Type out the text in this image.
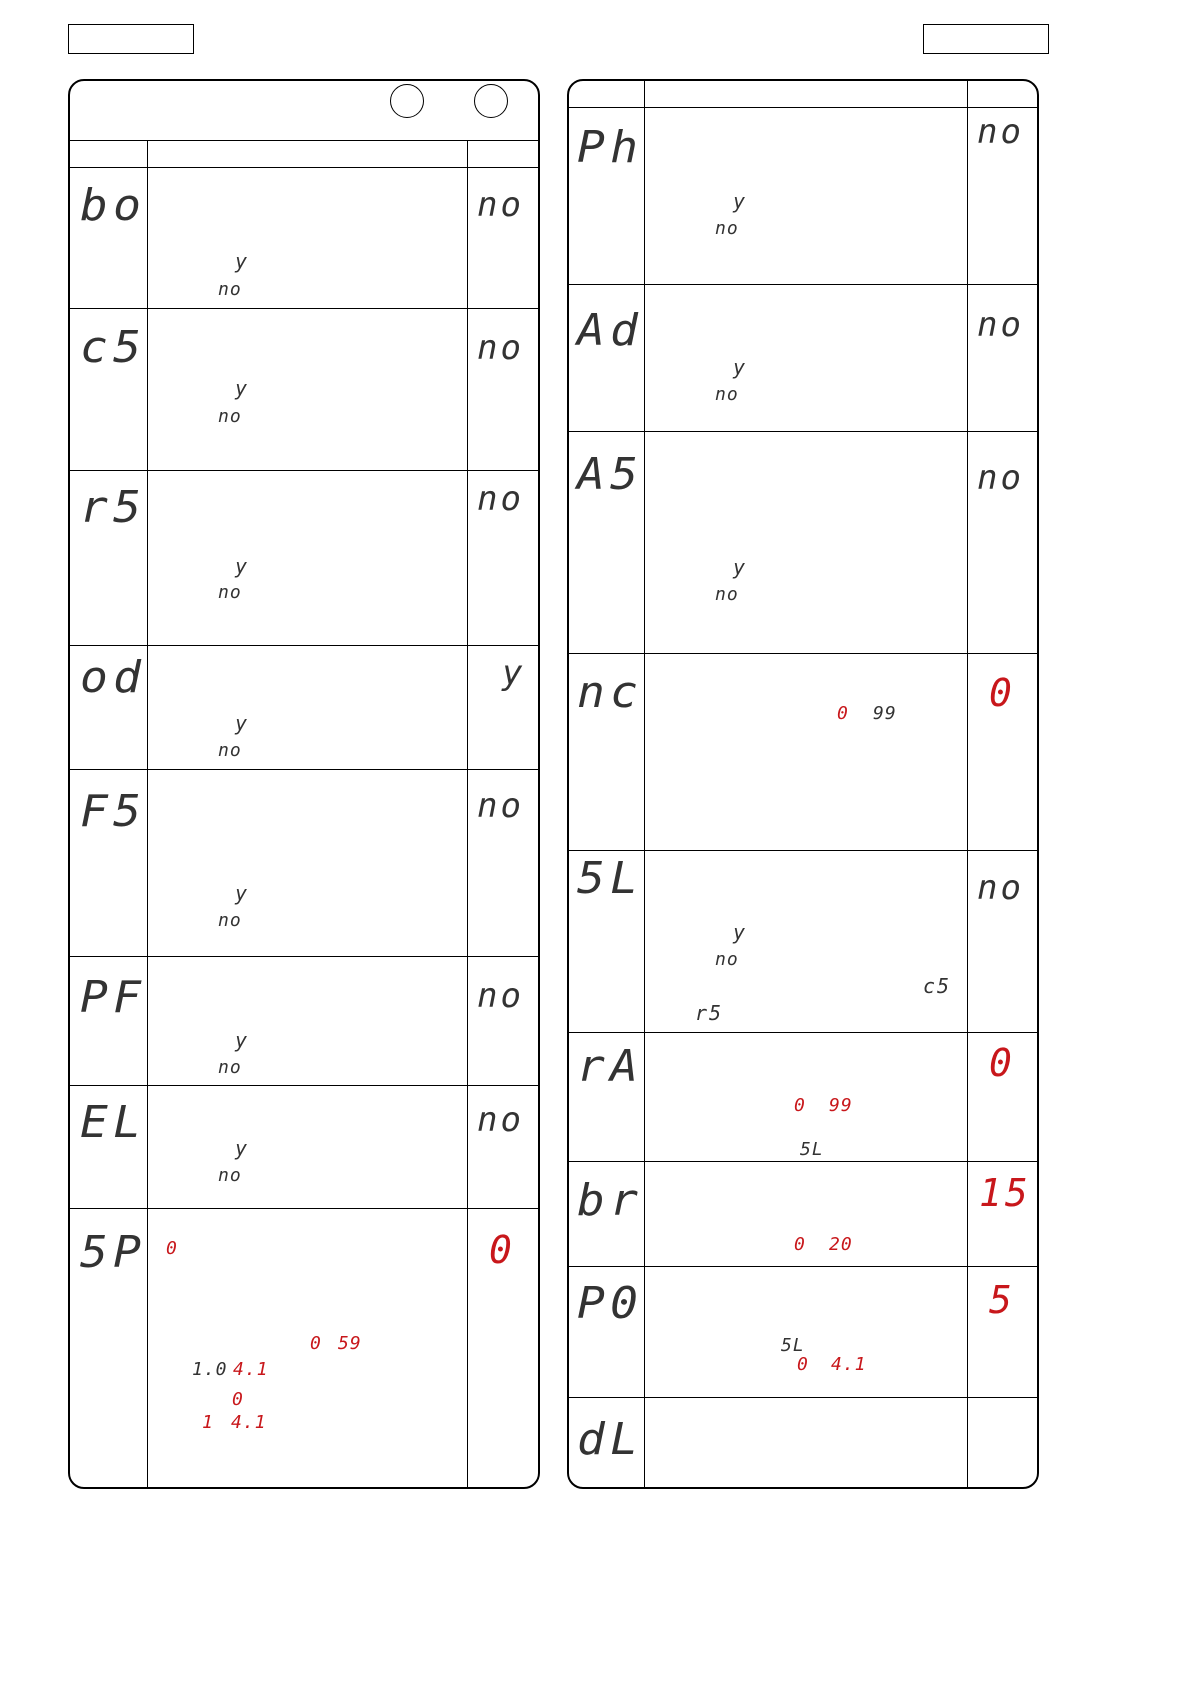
bo	no
y
no
c5	no
y
no
r5	no
y
no
od	y
y
no
F5	no
y
no
PF	no
y
no
EL	no
y
no
5P	0
0
0 59
1.0 4.1
0
1 4.1
Ph	no
y
no
Ad	no
y
no
A5	no
y
no
nc	0
0 99
5L	no
y
no
c5
r5
rA	0
0 99
5L
br	15
0 20
P0	5
5L
0 4.1
dL
